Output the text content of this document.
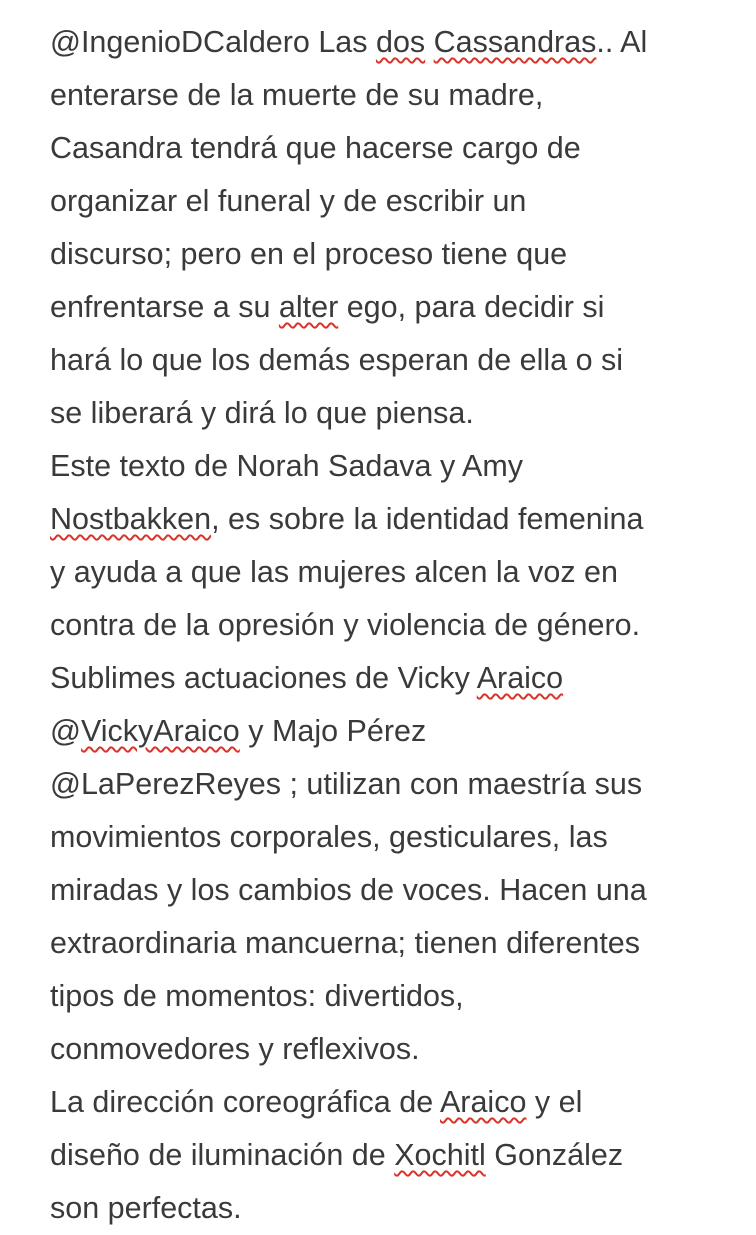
@IngenioDCaldero Las dos Cassandras.. Al
enterarse de la muerte de su madre,
Casandra tendrá que hacerse cargo de
organizar el funeral y de escribir un
discurso; pero en el proceso tiene que
enfrentarse a su alter ego, para decidir si
hará lo que los demás esperan de ella o si
se liberará y dirá lo que piensa.
Este texto de Norah Sadava y Amy
Nostbakken, es sobre la identidad femenina
y ayuda a que las mujeres alcen la voz en
contra de la opresión y violencia de género.
Sublimes actuaciones de Vicky Araico
@VickyAraico y Majo Pérez
@LaPerezReyes ; utilizan con maestría sus
movimientos corporales, gesticulares, las
miradas y los cambios de voces. Hacen una
extraordinaria mancuerna; tienen diferentes
tipos de momentos: divertidos,
conmovedores y reflexivos.
La dirección coreográfica de Araico y el
diseño de iluminación de Xochitl González
son perfectas.
